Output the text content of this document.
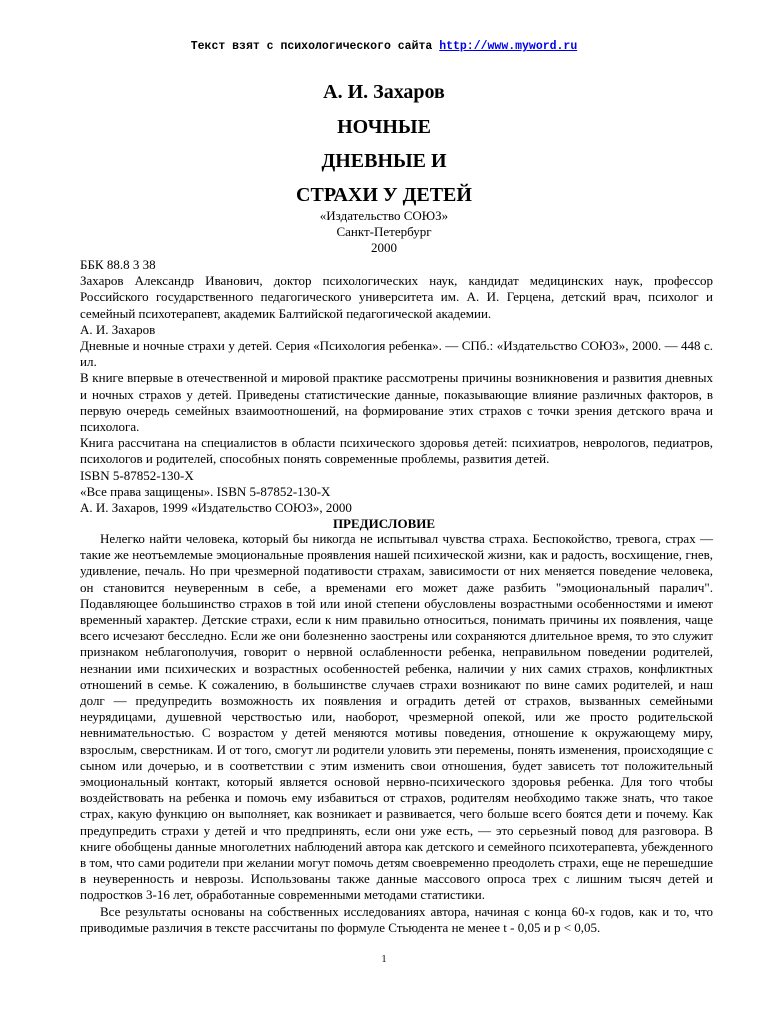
Текст взят с психологического сайта http://www.myword.ru
А. И. Захаров
НОЧНЫЕ
ДНЕВНЫЕ И
СТРАХИ У ДЕТЕЙ
«Издательство СОЮЗ»
Санкт-Петербург
2000

ББК 88.8 3 38

Захаров Александр Иванович, доктор психологических наук, кандидат медицинских наук, профессор Российского государственного педагогического университета им. А. И. Герцена, детский врач, психолог и семейный психотерапевт, академик Балтийской педагогической академии.

А. И. Захаров

Дневные и ночные страхи у детей. Серия «Психология ребенка». — СПб.: «Издательство СОЮЗ», 2000. — 448 с. ил.

В книге впервые в отечественной и мировой практике рассмотрены причины возникновения и развития дневных и ночных страхов у детей. Приведены статистические данные, показывающие влияние различных факторов, в первую очередь семейных взаимоотношений, на формирование этих страхов с точки зрения детского врача и психолога.

Книга рассчитана на специалистов в области психического здоровья детей: психиатров, неврологов, педиатров, психологов и родителей, способных понять современные проблемы, развития детей.

ISBN 5-87852-130-Х

«Все права защищены». ISBN 5-87852-130-Х

А. И. Захаров, 1999 «Издательство СОЮЗ», 2000

ПРЕДИСЛОВИЕ

Нелегко найти человека, который бы никогда не испытывал чувства страха. Беспокойство, тревога, страх — такие же неотъемлемые эмоциональные проявления нашей психической жизни, как и радость, восхищение, гнев, удивление, печаль. Но при чрезмерной подативости страхам, зависимости от них меняется поведение человека, он становится неуверенным в себе, а временами его может даже разбить "эмоциональный паралич". Подавляющее большинство страхов в той или иной степени обусловлены возрастными особенностями и имеют временный характер. Детские страхи, если к ним правильно относиться, понимать причины их появления, чаще всего исчезают бесследно. Если же они болезненно заострены или сохраняются длительное время, то это служит признаком неблагополучия, говорит о нервной ослабленности ребенка, неправильном поведении родителей, незнании ими психических и возрастных особенностей ребенка, наличии у них самих страхов, конфликтных отношений в семье. К сожалению, в большинстве случаев страхи возникают по вине самих родителей, и наш долг — предупредить возможность их появления и оградить детей от страхов, вызванных семейными неурядицами, душевной черствостью или, наоборот, чрезмерной опекой, или же просто родительской невнимательностью. С возрастом у детей меняются мотивы поведения, отношение к окружающему миру, взрослым, сверстникам. И от того, смогут ли родители уловить эти перемены, понять изменения, происходящие с сыном или дочерью, и в соответствии с этим изменить свои отношения, будет зависеть тот положительный эмоциональный контакт, который является основой нервно-психического здоровья ребенка. Для того чтобы воздействовать на ребенка и помочь ему избавиться от страхов, родителям необходимо также знать, что такое страх, какую функцию он выполняет, как возникает и развивается, чего больше всего боятся дети и почему. Как предупредить страхи у детей и что предпринять, если они уже есть, — это серьезный повод для разговора. В книге обобщены данные многолетних наблюдений автора как детского и семейного психотерапевта, убежденного в том, что сами родители при желании могут помочь детям своевременно преодолеть страхи, еще не перешедшие в неуверенность и неврозы. Использованы также данные массового опроса трех с лишним тысяч детей и подростков 3-16 лет, обработанные современными методами статистики.

Все результаты основаны на собственных исследованиях автора, начиная с конца 60-х годов, как и то, что приводимые различия в тексте рассчитаны по формуле Стьюдента не менее t - 0,05 и р < 0,05.

1
